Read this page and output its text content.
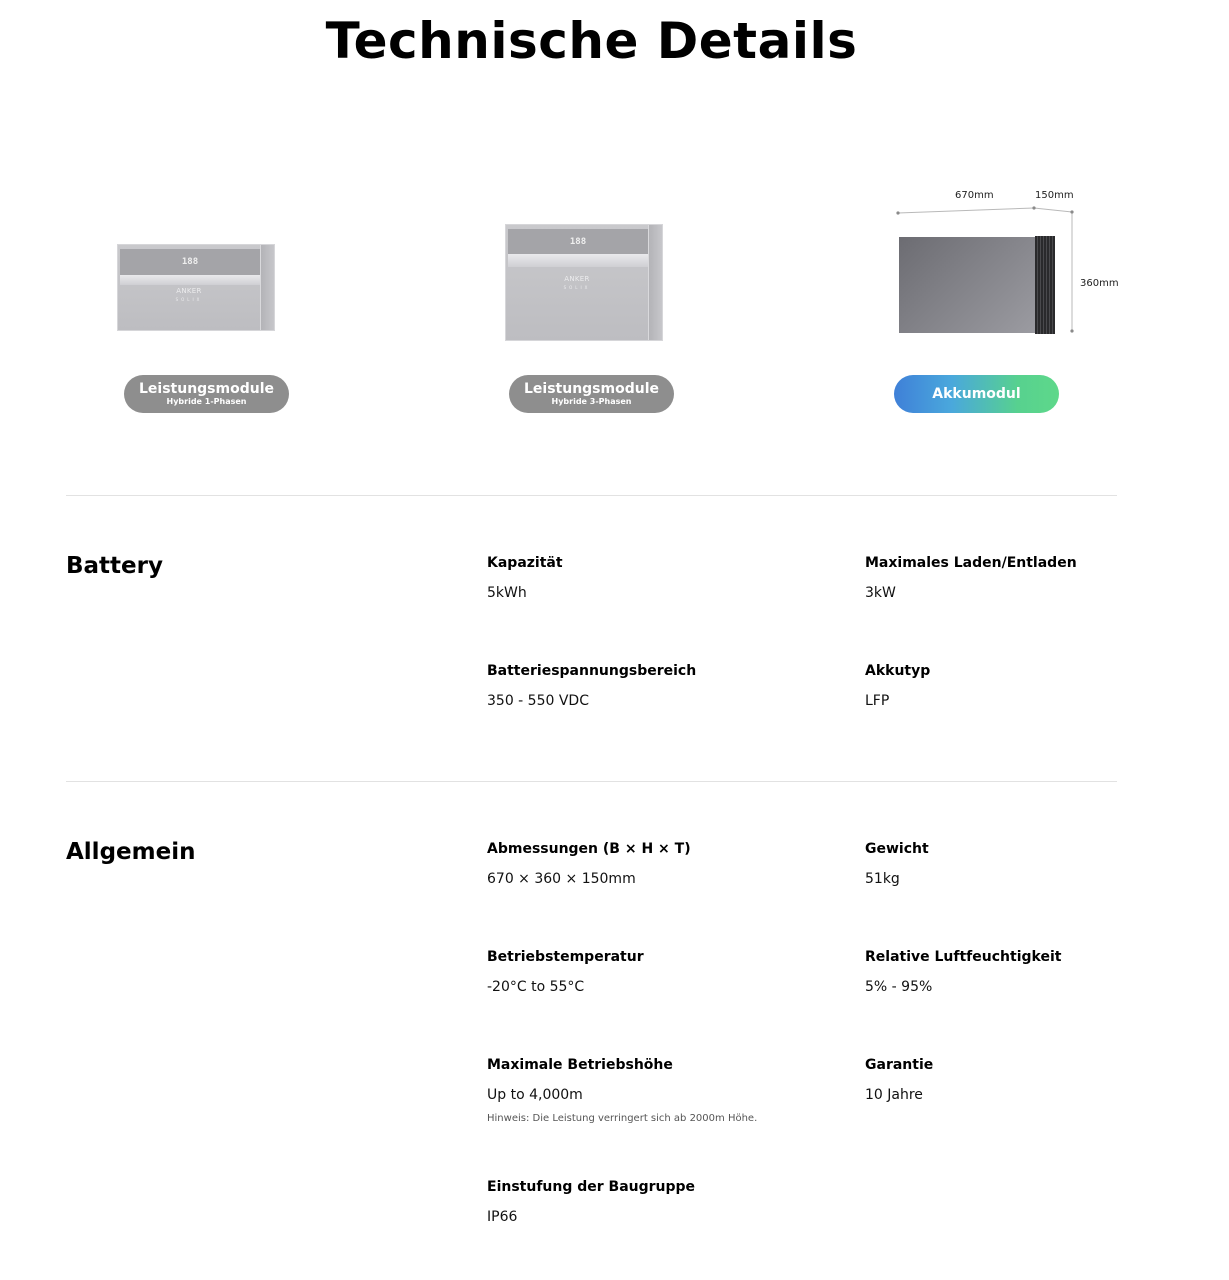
Technische Details
188
ANKER
SOLIX
Leistungsmodule
Hybride 1-Phasen
188
ANKER
SOLIX
Leistungsmodule
Hybride 3-Phasen
670mm	150mm
360mm
Akkumodul
Battery	Kapazität
5kWh
Maximales Laden/Entladen
3kW
Batteriespannungsbereich
350 - 550 VDC
Akkutyp
LFP
Allgemein	Abmessungen (B × H × T)
670 × 360 × 150mm
Gewicht
51kg
Betriebstemperatur
-20°C to 55°C
Relative Luftfeuchtigkeit
5% - 95%
Maximale Betriebshöhe
Up to 4,000m
Hinweis: Die Leistung verringert sich ab 2000m Höhe.
Garantie
10 Jahre
Einstufung der Baugruppe
IP66
